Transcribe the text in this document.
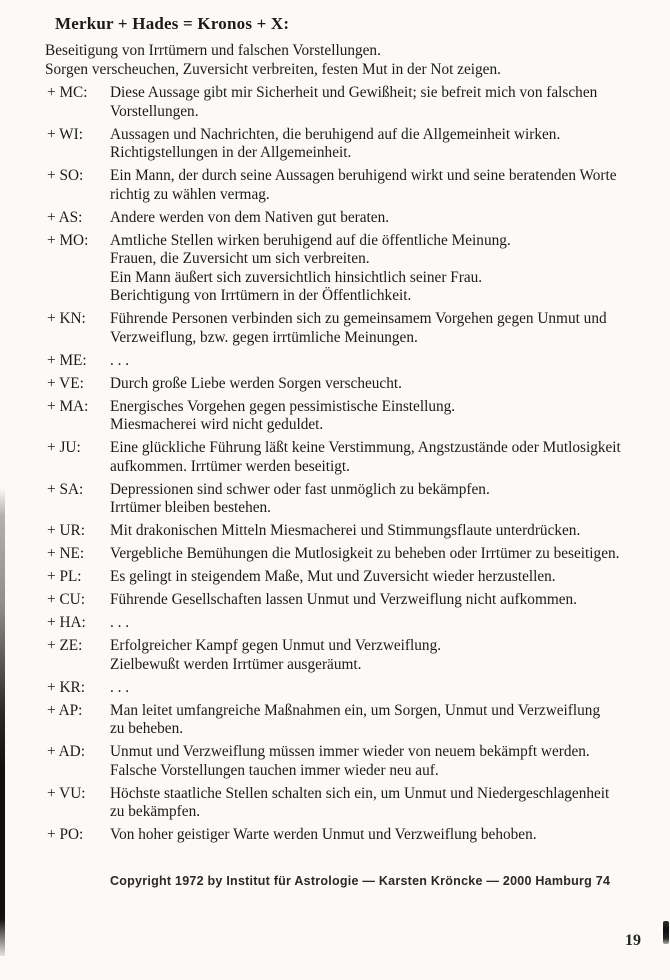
Merkur + Hades = Kronos + X:
Beseitigung von Irrtümern und falschen Vorstellungen.
Sorgen verscheuchen, Zuversicht verbreiten, festen Mut in der Not zeigen.
+ MC:	Diese Aussage gibt mir Sicherheit und Gewißheit; sie befreit mich von falschen
Vorstellungen.
+ WI:	Aussagen und Nachrichten, die beruhigend auf die Allgemeinheit wirken.
Richtigstellungen in der Allgemeinheit.
+ SO:	Ein Mann, der durch seine Aussagen beruhigend wirkt und seine beratenden Worte
richtig zu wählen vermag.
+ AS:	Andere werden von dem Nativen gut beraten.
+ MO:	Amtliche Stellen wirken beruhigend auf die öffentliche Meinung.
Frauen, die Zuversicht um sich verbreiten.
Ein Mann äußert sich zuversichtlich hinsichtlich seiner Frau.
Berichtigung von Irrtümern in der Öffentlichkeit.
+ KN:	Führende Personen verbinden sich zu gemeinsamem Vorgehen gegen Unmut und
Verzweiflung, bzw. gegen irrtümliche Meinungen.
+ ME:	. . .
+ VE:	Durch große Liebe werden Sorgen verscheucht.
+ MA:	Energisches Vorgehen gegen pessimistische Einstellung.
Miesmacherei wird nicht geduldet.
+ JU:	Eine glückliche Führung läßt keine Verstimmung, Angstzustände oder Mutlosigkeit
aufkommen. Irrtümer werden beseitigt.
+ SA:	Depressionen sind schwer oder fast unmöglich zu bekämpfen.
Irrtümer bleiben bestehen.
+ UR:	Mit drakonischen Mitteln Miesmacherei und Stimmungsflaute unterdrücken.
+ NE:	Vergebliche Bemühungen die Mutlosigkeit zu beheben oder Irrtümer zu beseitigen.
+ PL:	Es gelingt in steigendem Maße, Mut und Zuversicht wieder herzustellen.
+ CU:	Führende Gesellschaften lassen Unmut und Verzweiflung nicht aufkommen.
+ HA:	. . .
+ ZE:	Erfolgreicher Kampf gegen Unmut und Verzweiflung.
Zielbewußt werden Irrtümer ausgeräumt.
+ KR:	. . .
+ AP:	Man leitet umfangreiche Maßnahmen ein, um Sorgen, Unmut und Verzweiflung
zu beheben.
+ AD:	Unmut und Verzweiflung müssen immer wieder von neuem bekämpft werden.
Falsche Vorstellungen tauchen immer wieder neu auf.
+ VU:	Höchste staatliche Stellen schalten sich ein, um Unmut und Niedergeschlagenheit
zu bekämpfen.
+ PO:	Von hoher geistiger Warte werden Unmut und Verzweiflung behoben.
Copyright 1972 by Institut für Astrologie — Karsten Kröncke — 2000 Hamburg 74
19
